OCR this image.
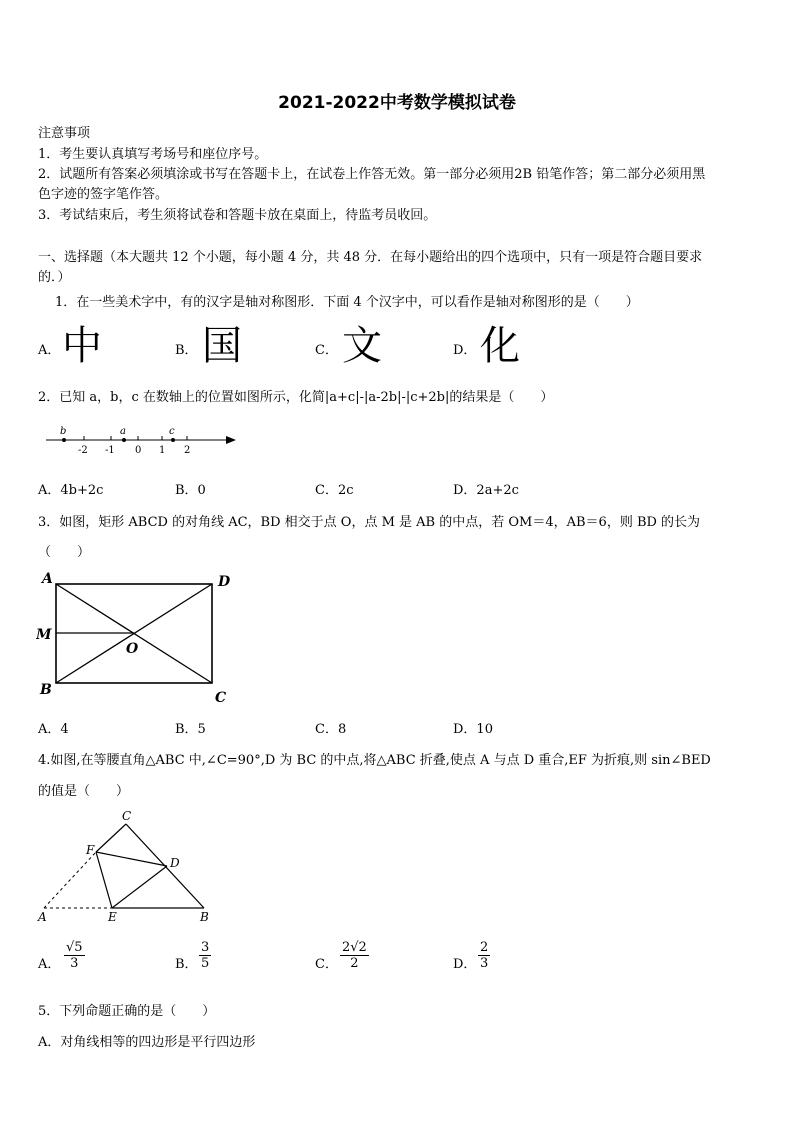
2021-2022中考数学模拟试卷
注意事项
1．考生要认真填写考场号和座位序号。
2．试题所有答案必须填涂或书写在答题卡上，在试卷上作答无效。第一部分必须用2B 铅笔作答；第二部分必须用黑
色字迹的签字笔作答。
3．考试结束后，考生须将试卷和答题卡放在桌面上，待监考员收回。
一、选择题（本大题共 12 个小题，每小题 4 分，共 48 分．在每小题给出的四个选项中，只有一项是符合题目要求
的．）
1．在一些美术字中，有的汉字是轴对称图形．下面 4 个汉字中，可以看作是轴对称图形的是（　　）
A． 中	B． 国	C． 文	D． 化
2．已知 a，b，c 在数轴上的位置如图所示，化简|a+c|-|a-2b|-|c+2b|的结果是（　　）
b	a	c
-2 -1 0 1 2
A．4b+2c	B．0	C．2c	D．2a+2c
3．如图，矩形 ABCD 的对角线 AC，BD 相交于点 O，点 M 是 AB 的中点，若 OM＝4，AB＝6，则 BD 的长为
（　　）
A	D
M
O
B	C
A．4	B．5	C．8	D．10
4.如图,在等腰直角△ABC 中,∠C=90°,D 为 BC 的中点,将△ABC 折叠,使点 A 与点 D 重合,EF 为折痕,则 sin∠BED
的值是（　　）
C
F
D
A	E	B
A． $\frac{√5}{3}$	B． $\frac{3}{5}$	C． $\frac{2√2}{2}$	D． $\frac{2}{3}$
5．下列命题正确的是（　　）
A．对角线相等的四边形是平行四边形
